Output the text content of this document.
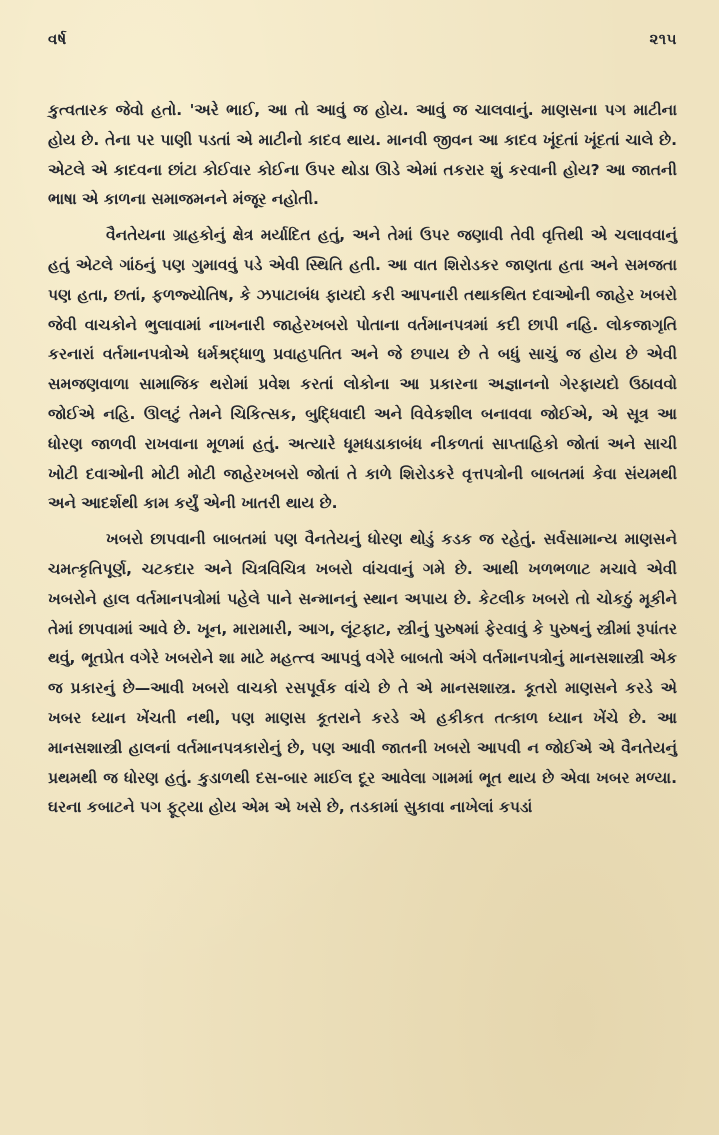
વર્ષ	૨૧૫

કુત્વતારક જેવો હતો. 'અરે ભાઈ, આ તો આવું જ હોય. આવું જ ચાલવાનું. માણસના પગ માટીના હોય છે. તેના પર પાણી પડતાં એ માટીનો કાદવ થાય. માનવી જીવન આ કાદવ ખૂંદતાં ખૂંદતાં ચાલે છે. એટલે એ કાદવના છાંટા કોઈવાર કોઈના ઉપર થોડા ઊડે એમાં તકરાર શું કરવાની હોય? આ જાતની ભાષા એ કાળના સમાજમનને મંજૂર નહોતી.

વૈનતેયના ગ્રાહકોનું ક્ષેત્ર મર્યાદિત હતું, અને તેમાં ઉપર જણાવી તેવી વૃત્તિથી એ ચલાવવાનું હતું એટલે ગાંઠનું પણ ગુમાવવું પડે એવી સ્થિતિ હતી. આ વાત શિરોડકર જાણતા હતા અને સમજતા પણ હતા, છતાં, ફળજ્યોતિષ, કે ઝપાટાબંધ ફાયદો કરી આપનારી તથાકથિત દવાઓની જાહેર ખબરો જેવી વાચકોને ભુલાવામાં નાખનારી જાહેરખબરો પોતાના વર્તમાનપત્રમાં કદી છાપી નહિ. લોકજાગૃતિ કરનારાં વર્તમાનપત્રોએ ધર્મશ્રદ્ધાળુ પ્રવાહપતિત અને જે છપાય છે તે બધું સાચું જ હોય છે એવી સમજણવાળા સામાજિક થરોમાં પ્રવેશ કરતાં લોકોના આ પ્રકારના અજ્ઞાનનો ગેરફાયદો ઉઠાવવો જોઈએ નહિ. ઊલટું તેમને ચિકિત્સક, બુદ્ધિવાદી અને વિવેકશીલ બનાવવા જોઈએ, એ સૂત્ર આ ધોરણ જાળવી રાખવાના મૂળમાં હતું. અત્યારે ધૂમધડાકાબંધ નીકળતાં સાપ્તાહિકો જોતાં અને સાચી ખોટી દવાઓની મોટી મોટી જાહેરખબરો જોતાં તે કાળે શિરોડકરે વૃત્તપત્રોની બાબતમાં કેવા સંયમથી અને આદર્શથી કામ કર્યું એની ખાતરી થાય છે.

ખબરો છાપવાની બાબતમાં પણ વૈનતેયનું ધોરણ થોડું કડક જ રહેતું. સર્વસામાન્ય માણસને ચમત્કૃતિપૂર્ણ, ચટકદાર અને ચિત્રવિચિત્ર ખબરો વાંચવાનું ગમે છે. આથી ખળભળાટ મચાવે એવી ખબરોને હાલ વર્તમાનપત્રોમાં પહેલે પાને સન્માનનું સ્થાન અપાય છે. કેટલીક ખબરો તો ચોકઠું મૂકીને તેમાં છાપવામાં આવે છે. ખૂન, મારામારી, આગ, લૂંટફાટ, સ્ત્રીનું પુરુષમાં ફેરવાવું કે પુરુષનું સ્ત્રીમાં રૂપાંતર થવું, ભૂતપ્રેત વગેરે ખબરોને શા માટે મહત્ત્વ આપવું વગેરે બાબતો અંગે વર્તમાનપત્રોનું માનસશાસ્ત્રી એક જ પ્રકારનું છે—આવી ખબરો વાચકો રસપૂર્વક વાંચે છે તે એ માનસશાસ્ત્ર. કૂતરો માણસને કરડે એ ખબર ધ્યાન ખેંચતી નથી, પણ માણસ કૂતરાને કરડે એ હકીકત તત્કાળ ધ્યાન ખેંચે છે. આ માનસશાસ્ત્રી હાલનાં વર્તમાનપત્રકારોનું છે, પણ આવી જાતની ખબરો આપવી ન જોઈએ એ વૈનતેયનું પ્રથમથી જ ધોરણ હતું. કુડાળથી દસ-બાર માઈલ દૂર આવેલા ગામમાં ભૂત થાય છે એવા ખબર મળ્યા. ઘરના કબાટને પગ ફૂટ્યા હોય એમ એ ખસે છે, તડકામાં સુકાવા નાખેલાં કપડાં
